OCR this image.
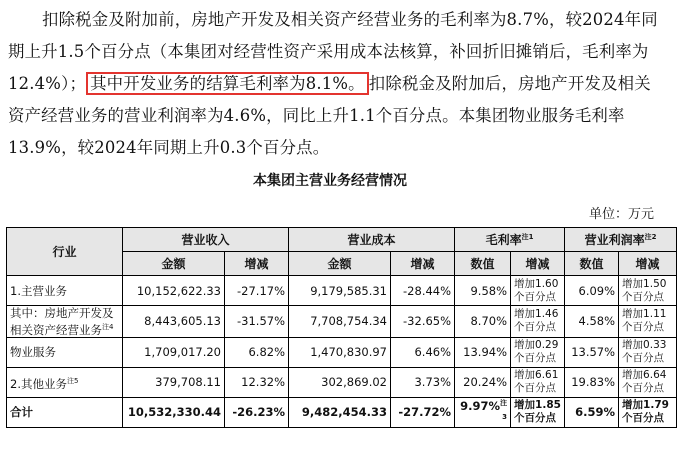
扣除税金及附加前，房地产开发及相关资产经营业务的毛利率为8.7%，较2024年同期上升1.5个百分点（本集团对经营性资产采用成本法核算，补回折旧摊销后，毛利率为12.4%）； 其中开发业务的结算毛利率为8.1%。 扣除税金及附加后，房地产开发及相关资产经营业务的营业利润率为4.6%，同比上升1.1个百分点。本集团物业服务毛利率13.9%，较2024年同期上升0.3个百分点。

本集团主营业务经营情况
单位：万元
行业	营业收入		营业成本		毛利率$^{注1}$		营业利润率$^{注2}$
	金额	增减	金额	增减	数值	增减	数值	增减
1.主营业务	10,152,622.33	-27.17%	9,179,585.31	-28.44%	9.58%	增加1.60个百分点	6.09%	增加1.50个百分点
其中：房地产开发及相关资产经营业务$^{注4}$	8,443,605.13	-31.57%	7,708,754.34	-32.65%	8.70%	增加1.46个百分点	4.58%	增加1.11个百分点
物业服务	1,709,017.20	6.82%	1,470,830.97	6.46%	13.94%	增加0.29个百分点	13.57%	增加0.33个百分点
2.其他业务$^{注5}$	379,708.11	12.32%	302,869.02	3.73%	20.24%	增加6.61个百分点	19.83%	增加6.64个百分点
合计	10,532,330.44	-26.23%	9,482,454.33	-27.72%	9.97%$^{注3}$	增加1.85个百分点	6.59%	增加1.79个百分点
